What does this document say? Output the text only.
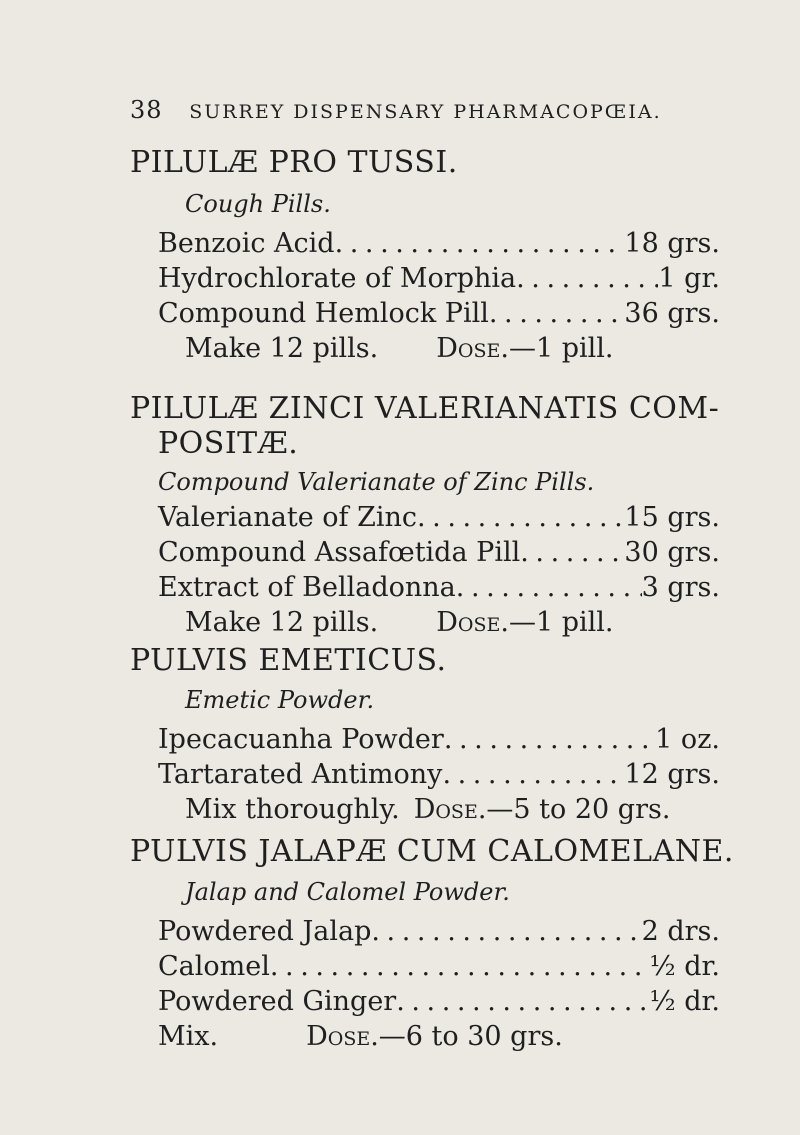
38 SURREY DISPENSARY PHARMACOPŒIA.
PILULÆ PRO TUSSI.
Cough Pills.
Benzoic Acid . . .	18 grs.
Hydrochlorate of Morphia . . .	1 gr.
Compound Hemlock Pill . . .	36 grs.
Make 12 pills. Dose.—1 pill.
PILULÆ ZINCI VALERIANATIS COM-
POSITÆ.
Compound Valerianate of Zinc Pills.
Valerianate of Zinc . . .	15 grs.
Compound Assafœtida Pill . . .	30 grs.
Extract of Belladonna . . .	3 grs.
Make 12 pills. Dose.—1 pill.
PULVIS EMETICUS.
Emetic Powder.
Ipecacuanha Powder . . .	1 oz.
Tartarated Antimony . . .	12 grs.
Mix thoroughly. Dose.—5 to 20 grs.
PULVIS JALAPÆ CUM CALOMELANE.
Jalap and Calomel Powder.
Powdered Jalap . . .	2 drs.
Calomel . . .	½ dr.
Powdered Ginger . . .	½ dr.
Mix.	Dose.—6 to 30 grs.
